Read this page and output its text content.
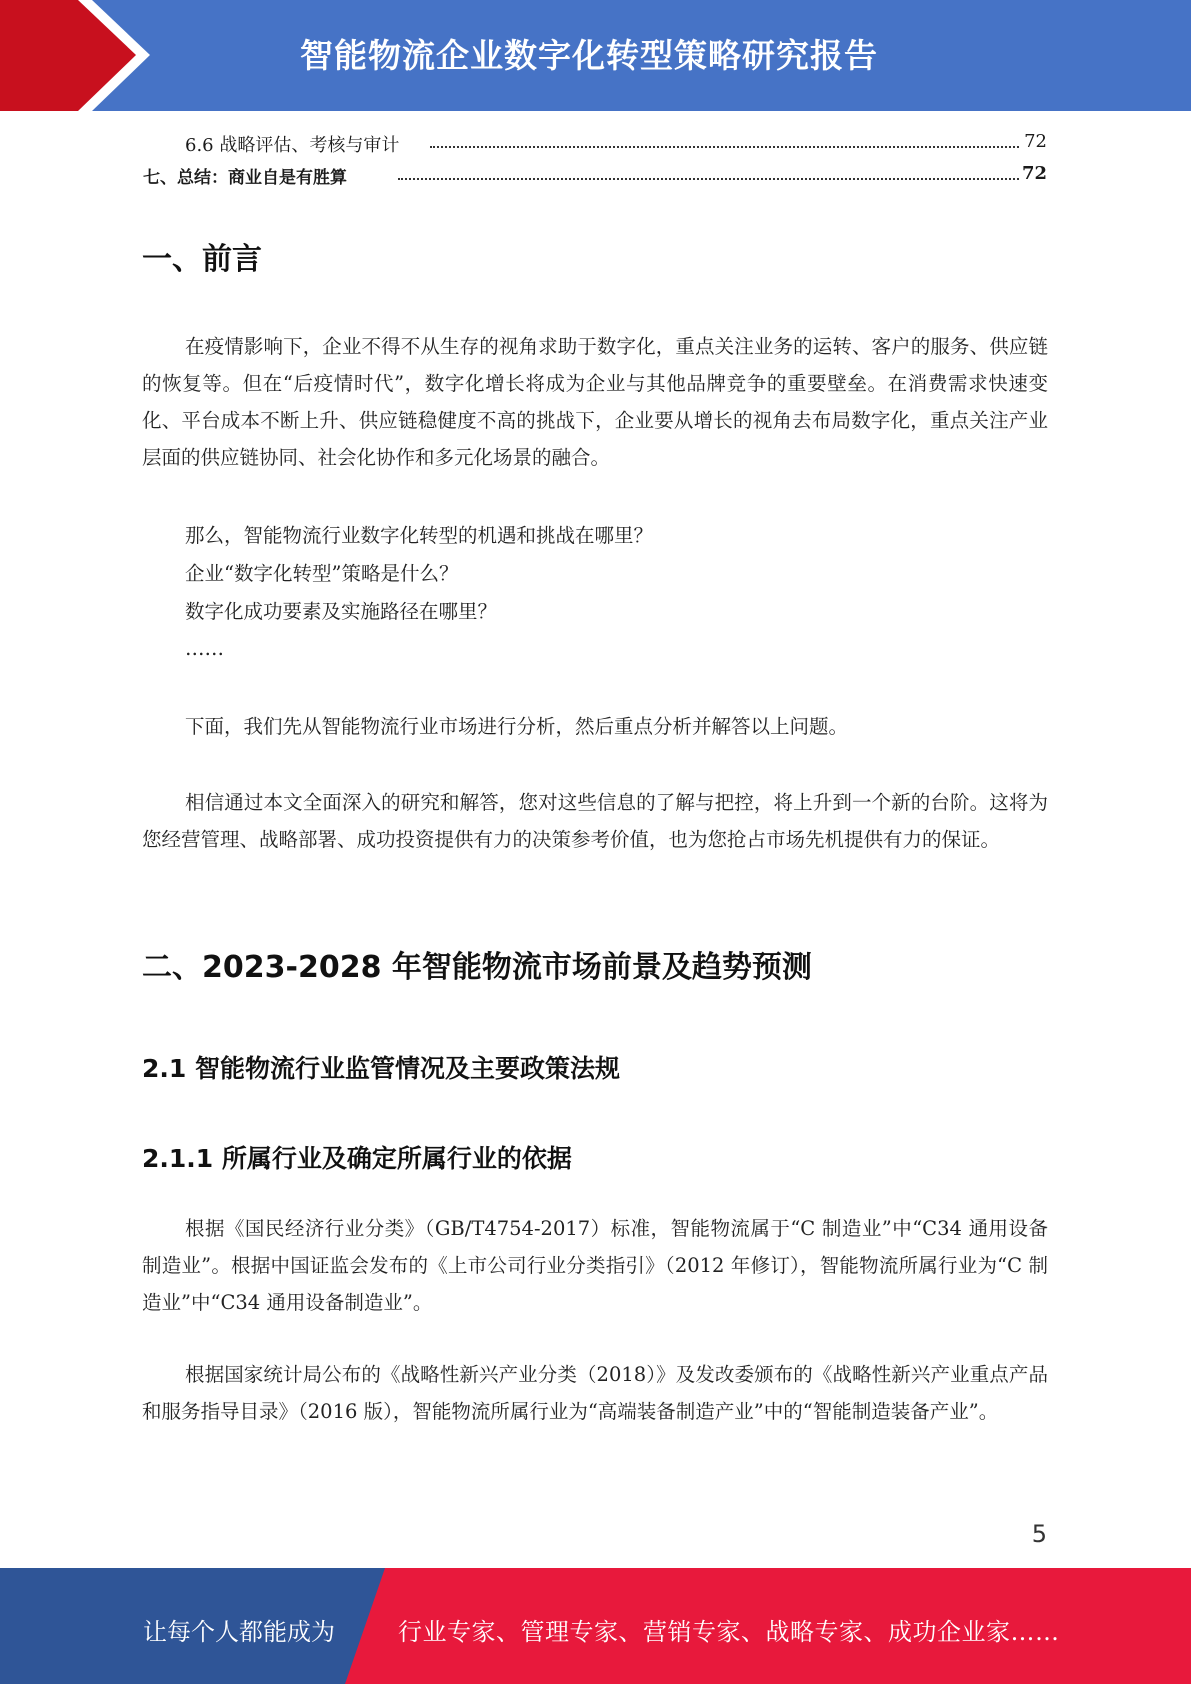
智能物流企业数字化转型策略研究报告
6.6 战略评估、考核与审计	72
七、总结：商业自是有胜算	72
一、前言
在疫情影响下，企业不得不从生存的视角求助于数字化，重点关注业务的运转、客户的服务、供应链的恢复等。但在“后疫情时代”，数字化增长将成为企业与其他品牌竞争的重要壁垒。在消费需求快速变化、平台成本不断上升、供应链稳健度不高的挑战下，企业要从增长的视角去布局数字化，重点关注产业层面的供应链协同、社会化协作和多元化场景的融合。
那么，智能物流行业数字化转型的机遇和挑战在哪里？
企业“数字化转型”策略是什么？
数字化成功要素及实施路径在哪里？
……
下面，我们先从智能物流行业市场进行分析，然后重点分析并解答以上问题。
相信通过本文全面深入的研究和解答，您对这些信息的了解与把控，将上升到一个新的台阶。这将为您经营管理、战略部署、成功投资提供有力的决策参考价值，也为您抢占市场先机提供有力的保证。
二、2023-2028 年智能物流市场前景及趋势预测
2.1 智能物流行业监管情况及主要政策法规
2.1.1 所属行业及确定所属行业的依据
根据《国民经济行业分类》（GB/T4754-2017）标准，智能物流属于“C 制造业”中“C34 通用设备制造业”。根据中国证监会发布的《上市公司行业分类指引》（2012 年修订），智能物流所属行业为“C 制造业”中“C34 通用设备制造业”。
根据国家统计局公布的《战略性新兴产业分类（2018）》及发改委颁布的《战略性新兴产业重点产品和服务指导目录》（2016 版），智能物流所属行业为“高端装备制造产业”中的“智能制造装备产业”。
5
让每个人都能成为	行业专家、管理专家、营销专家、战略专家、成功企业家……
